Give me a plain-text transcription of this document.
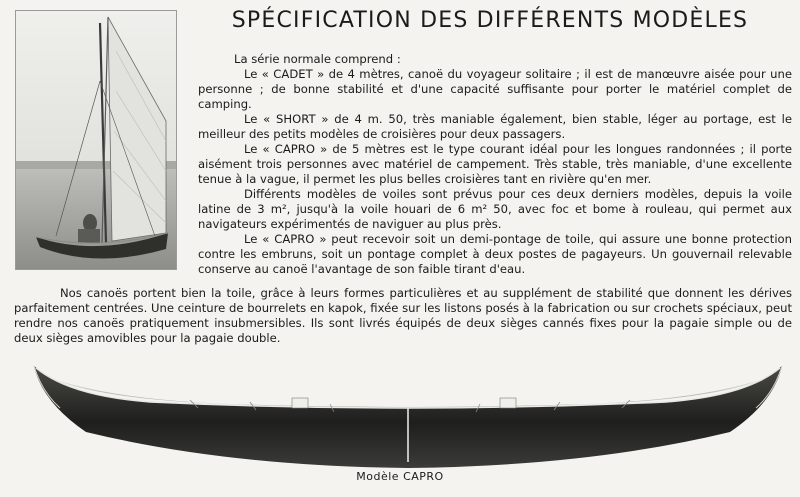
SPÉCIFICATION DES DIFFÉRENTS MODÈLES

La série normale comprend :

Le « CADET » de 4 mètres, canoë du voyageur solitaire ; il est de manœuvre aisée pour une personne ; de bonne stabilité et d'une capacité suffisante pour porter le matériel complet de camping.

Le « SHORT » de 4 m. 50, très maniable également, bien stable, léger au portage, est le meilleur des petits modèles de croisières pour deux passagers.

Le « CAPRO » de 5 mètres est le type courant idéal pour les longues randonnées ; il porte aisément trois personnes avec matériel de campement. Très stable, très maniable, d'une excellente tenue à la vague, il permet les plus belles croisières tant en rivière qu'en mer.

Différents modèles de voiles sont prévus pour ces deux derniers modèles, depuis la voile latine de 3 m², jusqu'à la voile houari de 6 m² 50, avec foc et bome à rouleau, qui permet aux navigateurs expérimentés de naviguer au plus près.

Le « CAPRO » peut recevoir soit un demi-pontage de toile, qui assure une bonne protection contre les embruns, soit un pontage complet à deux postes de pagayeurs. Un gouvernail relevable conserve au canoë l'avantage de son faible tirant d'eau.

Nos canoës portent bien la toile, grâce à leurs formes particulières et au supplément de stabilité que donnent les dérives parfaitement centrées. Une ceinture de bourrelets en kapok, fixée sur les listons posés à la fabrication ou sur crochets spéciaux, peut rendre nos canoës pratiquement insubmersibles. Ils sont livrés équipés de deux sièges cannés fixes pour la pagaie simple ou de deux sièges amovibles pour la pagaie double.

Modèle CAPRO
